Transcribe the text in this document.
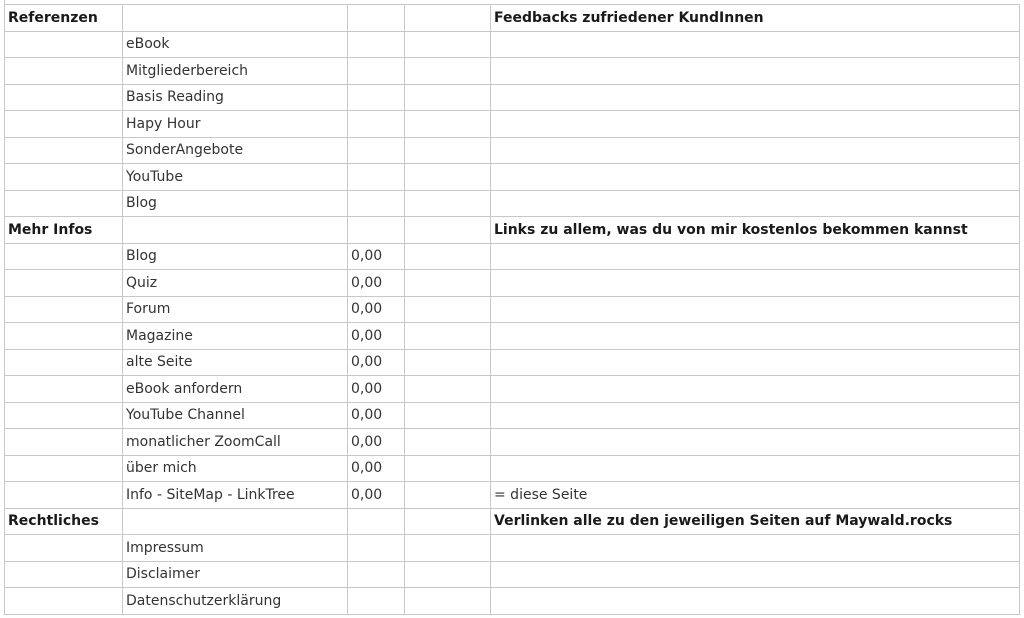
Referenzen				Feedbacks zufriedener KundInnen
	eBook			
	Mitgliederbereich			
	Basis Reading			
	Hapy Hour			
	SonderAngebote			
	YouTube			
	Blog			
Mehr Infos				Links zu allem, was du von mir kostenlos bekommen kannst
	Blog	0,00		
	Quiz	0,00		
	Forum	0,00		
	Magazine	0,00		
	alte Seite	0,00		
	eBook anfordern	0,00		
	YouTube Channel	0,00		
	monatlicher ZoomCall	0,00		
	über mich	0,00		
	Info - SiteMap - LinkTree	0,00		= diese Seite
Rechtliches				Verlinken alle zu den jeweiligen Seiten auf Maywald.rocks
	Impressum			
	Disclaimer			
	Datenschutzerklärung			
